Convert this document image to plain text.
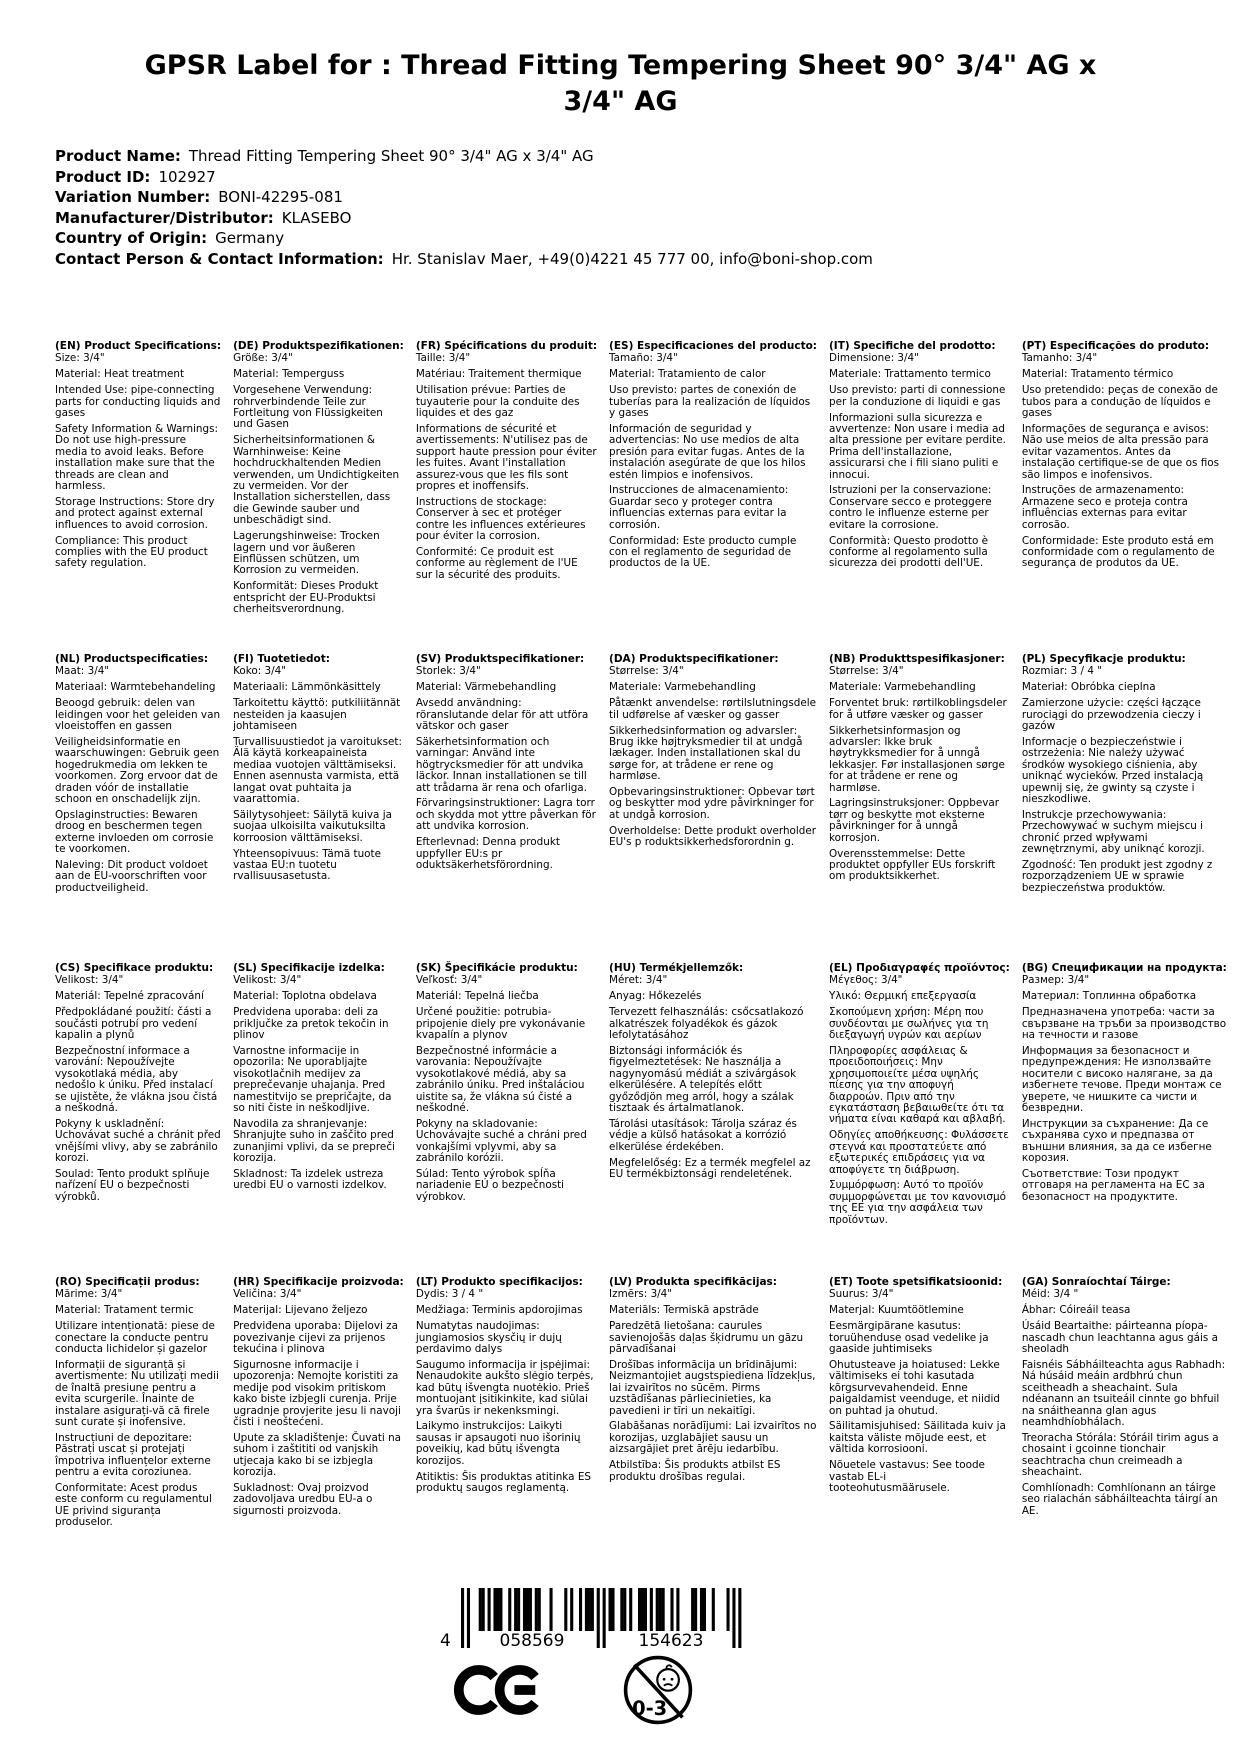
GPSR Label for : Thread Fitting Tempering Sheet 90° 3/4" AG x 3/4" AG
Product Name: Thread Fitting Tempering Sheet 90° 3/4" AG x 3/4" AG
Product ID: 102927
Variation Number: BONI-42295-081
Manufacturer/Distributor: KLASEBO
Country of Origin: Germany
Contact Person & Contact Information: Hr. Stanislav Maer, +49(0)4221 45 777 00, info@boni-shop.com
(EN) Product Specifications:

Size: 3/4"

Material: Heat treatment

Intended Use: pipe-connecting parts for conducting liquids and gases

Safety Information & Warnings: Do not use high-pressure media to avoid leaks. Before installation make sure that the threads are clean and harmless.

Storage Instructions: Store dry and protect against external influences to avoid corrosion.

Compliance: This product complies with the EU product safety regulation.

(DE) Produktspezifikationen:

Größe: 3/4"

Material: Temperguss

Vorgesehene Verwendung: rohrverbindende Teile zur Fortleitung von Flüssigkeiten und Gasen

Sicherheitsinformationen & Warnhinweise: Keine hochdruckhaltenden Medien verwenden, um Undichtigkeiten zu vermeiden. Vor der Installation sicherstellen, dass die Gewinde sauber und unbeschädigt sind.

Lagerungshinweise: Trocken lagern und vor äußeren Einflüssen schützen, um Korrosion zu vermeiden.

Konformität: Dieses Produkt entspricht der EU-Produktsi cherheitsverordnung.

(FR) Spécifications du produit:

Taille: 3/4"

Matériau: Traitement thermique

Utilisation prévue: Parties de tuyauterie pour la conduite des liquides et des gaz

Informations de sécurité et avertissements: N'utilisez pas de support haute pression pour éviter les fuites. Avant l'installation assurez-vous que les fils sont propres et inoffensifs.

Instructions de stockage: Conserver à sec et protéger contre les influences extérieures pour éviter la corrosion.

Conformité: Ce produit est conforme au règlement de l'UE sur la sécurité des produits.

(ES) Especificaciones del producto:

Tamaño: 3/4"

Material: Tratamiento de calor

Uso previsto: partes de conexión de tuberías para la realización de líquidos y gases

Información de seguridad y advertencias: No use medios de alta presión para evitar fugas. Antes de la instalación asegúrate de que los hilos estén limpios e inofensivos.

Instrucciones de almacenamiento: Guardar seco y proteger contra influencias externas para evitar la corrosión.

Conformidad: Este producto cumple con el reglamento de seguridad de productos de la UE.

(IT) Specifiche del prodotto:

Dimensione: 3/4"

Materiale: Trattamento termico

Uso previsto: parti di connessione per la conduzione di liquidi e gas

Informazioni sulla sicurezza e avvertenze: Non usare i media ad alta pressione per evitare perdite. Prima dell'installazione, assicurarsi che i fili siano puliti e innocui.

Istruzioni per la conservazione: Conservare secco e proteggere contro le influenze esterne per evitare la corrosione.

Conformità: Questo prodotto è conforme al regolamento sulla sicurezza dei prodotti dell'UE.

(PT) Especificações do produto:

Tamanho: 3/4"

Material: Tratamento térmico

Uso pretendido: peças de conexão de tubos para a condução de líquidos e gases

Informações de segurança e avisos: Não use meios de alta pressão para evitar vazamentos. Antes da instalação certifique-se de que os fios são limpos e inofensivos.

Instruções de armazenamento: Armazene seco e proteja contra influências externas para evitar corrosão.

Conformidade: Este produto está em conformidade com o regulamento de segurança de produtos da UE.

(NL) Productspecificaties:

Maat: 3/4"

Materiaal: Warmtebehandeling

Beoogd gebruik: delen van leidingen voor het geleiden van vloeistoffen en gassen

Veiligheidsinformatie en waarschuwingen: Gebruik geen hogedrukmedia om lekken te voorkomen. Zorg ervoor dat de draden vóór de installatie schoon en onschadelijk zijn.

Opslaginstructies: Bewaren droog en beschermen tegen externe invloeden om corrosie te voorkomen.

Naleving: Dit product voldoet aan de EU-voorschriften voor productveiligheid.

(FI) Tuotetiedot:

Koko: 3/4"

Materiaali: Lämmönkäsittely

Tarkoitettu käyttö: putkiliitännät nesteiden ja kaasujen johtamiseen

Turvallisuustiedot ja varoitukset: Älä käytä korkeapaineista mediaa vuotojen välttämiseksi. Ennen asennusta varmista, että langat ovat puhtaita ja vaarattomia.

Säilytysohjeet: Säilytä kuiva ja suojaa ulkoisilta vaikutuksilta korroosion välttämiseksi.

Yhteensopivuus: Tämä tuote vastaa EU:n tuotetu rvallisuusasetusta.

(SV) Produktspecifikationer:

Storlek: 3/4"

Material: Värmebehandling

Avsedd användning: röranslutande delar för att utföra vätskor och gaser

Säkerhetsinformation och varningar: Använd inte högtrycksmedier för att undvika läckor. Innan installationen se till att trådarna är rena och ofarliga.

Förvaringsinstruktioner: Lagra torr och skydda mot yttre påverkan för att undvika korrosion.

Efterlevnad: Denna produkt uppfyller EU:s pr oduktsäkerhetsförordning.

(DA) Produktspecifikationer:

Størrelse: 3/4"

Materiale: Varmebehandling

Påtænkt anvendelse: rørtilslutningsdele til udførelse af væsker og gasser

Sikkerhedsinformation og advarsler: Brug ikke højtryksmedier til at undgå lækager. Inden installationen skal du sørge for, at trådene er rene og harmløse.

Opbevaringsinstruktioner: Opbevar tørt og beskytter mod ydre påvirkninger for at undgå korrosion.

Overholdelse: Dette produkt overholder EU's p roduktsikkerhedsforordnin g.

(NB) Produkttspesifikasjoner:

Størrelse: 3/4"

Materiale: Varmebehandling

Forventet bruk: rørtilkoblingsdeler for å utføre væsker og gasser

Sikkerhetsinformasjon og advarsler: Ikke bruk høytrykksmedier for å unngå lekkasjer. Før installasjonen sørge for at trådene er rene og harmløse.

Lagringsinstruksjoner: Oppbevar tørr og beskytte mot eksterne påvirkninger for å unngå korrosjon.

Overensstemmelse: Dette produktet oppfyller EUs forskrift om produktsikkerhet.

(PL) Specyfikacje produktu:

Rozmiar: 3 / 4 "

Materiał: Obróbka cieplna

Zamierzone użycie: części łączące rurociągi do przewodzenia cieczy i gazów

Informacje o bezpieczeństwie i ostrzeżenia: Nie należy używać środków wysokiego ciśnienia, aby uniknąć wycieków. Przed instalacją upewnij się, że gwinty są czyste i nieszkodliwe.

Instrukcje przechowywania: Przechowywać w suchym miejscu i chronić przed wpływami zewnętrznymi, aby uniknąć korozji.

Zgodność: Ten produkt jest zgodny z rozporządzeniem UE w sprawie bezpieczeństwa produktów.

(CS) Specifikace produktu:

Velikost: 3/4"

Materiál: Tepelné zpracování

Předpokládané použití: části a součásti potrubí pro vedení kapalin a plynů

Bezpečnostní informace a varování: Nepoužívejte vysokotlaká média, aby nedošlo k úniku. Před instalací se ujistěte, že vlákna jsou čistá a neškodná.

Pokyny k uskladnění: Uchovávat suché a chránit před vnějšími vlivy, aby se zabránilo korozi.

Soulad: Tento produkt splňuje nařízení EU o bezpečnosti výrobků.

(SL) Specifikacije izdelka:

Velikost: 3/4"

Material: Toplotna obdelava

Predvidena uporaba: deli za priključke za pretok tekočin in plinov

Varnostne informacije in opozorila: Ne uporabljajte visokotlačnih medijev za preprečevanje uhajanja. Pred namestitvijo se prepričajte, da so niti čiste in neškodljive.

Navodila za shranjevanje: Shranjujte suho in zaščito pred zunanjimi vplivi, da se prepreči korozija.

Skladnost: Ta izdelek ustreza uredbi EU o varnosti izdelkov.

(SK) Špecifikácie produktu:

Veľkosť: 3/4"

Materiál: Tepelná liečba

Určené použitie: potrubia-pripojenie diely pre vykonávanie kvapalín a plynov

Bezpečnostné informácie a varovania: Nepoužívajte vysokotlakové médiá, aby sa zabránilo úniku. Pred inštaláciou uistite sa, že vlákna sú čisté a neškodné.

Pokyny na skladovanie: Uchovávajte suché a chráni pred vonkajšími vplyvmi, aby sa zabránilo korózii.

Súlad: Tento výrobok spĺňa nariadenie EÚ o bezpečnosti výrobkov.

(HU) Termékjellemzők:

Méret: 3/4"

Anyag: Hőkezelés

Tervezett felhasználás: csőcsatlakozó alkatrészek folyadékok és gázok lefolytatásához

Biztonsági információk és figyelmeztetések: Ne használja a nagynyomású médiát a szivárgások elkerülésére. A telepítés előtt győződjön meg arról, hogy a szálak tisztaak és ártalmatlanok.

Tárolási utasítások: Tárolja száraz és védje a külső hatásokat a korrózió elkerülése érdekében.

Megfelelőség: Ez a termék megfelel az EU termékbiztonsági rendeletének.

(EL) Προδιαγραφές προϊόντος:

Μέγεθος: 3/4"

Υλικό: Θερμική επεξεργασία

Σκοπούμενη χρήση: Μέρη που συνδέονται με σωλήνες για τη διεξαγωγή υγρών και αερίων

Πληροφορίες ασφάλειας & προειδοποιήσεις: Μην χρησιμοποιείτε μέσα υψηλής πίεσης για την αποφυγή διαρροών. Πριν από την εγκατάσταση βεβαιωθείτε ότι τα νήματα είναι καθαρά και αβλαβή.

Οδηγίες αποθήκευσης: Φυλάσσετε στεγνά και προστατεύετε από εξωτερικές επιδράσεις για να αποφύγετε τη διάβρωση.

Συμμόρφωση: Αυτό το προϊόν συμμορφώνεται με τον κανονισμό της ΕΕ για την ασφάλεια των προϊόντων.

(BG) Спецификации на продукта:

Размер: 3/4"

Материал: Топлинна обработка

Предназначена употреба: части за свързване на тръби за производство на течности и газове

Информация за безопасност и предупреждения: Не използвайте носители с високо налягане, за да избегнете течове. Преди монтаж се уверете, че нишките са чисти и безвредни.

Инструкции за съхранение: Да се съхранява сухо и предпазва от външни влияния, за да се избегне корозия.

Съответствие: Този продукт отговаря на регламента на ЕС за безопасност на продуктите.

(RO) Specificații produs:

Mărime: 3/4"

Material: Tratament termic

Utilizare intenționată: piese de conectare la conducte pentru conducta lichidelor și gazelor

Informații de siguranță și avertismente: Nu utilizați medii de înaltă presiune pentru a evita scurgerile. Înainte de instalare asigurați-vă că firele sunt curate și inofensive.

Instrucțiuni de depozitare: Păstrați uscat și protejați împotriva influențelor externe pentru a evita coroziunea.

Conformitate: Acest produs este conform cu regulamentul UE privind siguranța produselor.

(HR) Specifikacije proizvoda:

Veličina: 3/4"

Materijal: Lijevano željezo

Predviđena uporaba: Dijelovi za povezivanje cijevi za prijenos tekućina i plinova

Sigurnosne informacije i upozorenja: Nemojte koristiti za medije pod visokim pritiskom kako biste izbjegli curenja. Prije ugradnje provjerite jesu li navoji čisti i neoštećeni.

Upute za skladištenje: Čuvati na suhom i zaštititi od vanjskih utjecaja kako bi se izbjegla korozija.

Sukladnost: Ovaj proizvod zadovoljava uredbu EU-a o sigurnosti proizvoda.

(LT) Produkto specifikacijos:

Dydis: 3 / 4 "

Medžiaga: Terminis apdorojimas

Numatytas naudojimas: jungiamosios skysčių ir dujų perdavimo dalys

Saugumo informacija ir įspėjimai: Nenaudokite aukšto slėgio terpės, kad būtų išvengta nuotėkio. Prieš montuojant įsitikinkite, kad siūlai yra švarūs ir nekenksmingi.

Laikymo instrukcijos: Laikyti sausas ir apsaugoti nuo išorinių poveikių, kad būtų išvengta korozijos.

Atitiktis: Šis produktas atitinka ES produktų saugos reglamentą.

(LV) Produkta specifikācijas:

Izmērs: 3/4"

Materiāls: Termiskā apstrāde

Paredzētā lietošana: caurules savienojošās daļas šķidrumu un gāzu pārvadīšanai

Drošības informācija un brīdinājumi: Neizmantojiet augstspiediena līdzekļus, lai izvairītos no sūcēm. Pirms uzstādīšanas pārliecinieties, ka pavedieni ir tīri un nekaitīgi.

Glabāšanas norādījumi: Lai izvairītos no korozijas, uzglabājiet sausu un aizsargājiet pret ārēju iedarbību.

Atbilstība: Šis produkts atbilst ES produktu drošības regulai.

(ET) Toote spetsifikatsioonid:

Suurus: 3/4"

Materjal: Kuumtöötlemine

Eesmärgipärane kasutus: toruühenduse osad vedelike ja gaaside juhtimiseks

Ohutusteave ja hoiatused: Lekke vältimiseks ei tohi kasutada kõrgsurvevahendeid. Enne paigaldamist veenduge, et niidid on puhtad ja ohutud.

Säilitamisjuhised: Säilitada kuiv ja kaitsta väliste mõjude eest, et vältida korrosiooni.

Nõuetele vastavus: See toode vastab EL-i tooteohutusmäärusele.

(GA) Sonraíochtaí Táirge:

Méid: 3/4 "

Ábhar: Cóireáil teasa

Úsáid Beartaithe: páirteanna píopa-nascadh chun leachtanna agus gáis a sheoladh

Faisnéis Sábháilteachta agus Rabhadh: Ná húsáid meáin ardbhrú chun sceitheadh a sheachaint. Sula ndéanann an tsuiteáil cinnte go bhfuil na snáitheanna glan agus neamhdhíobhálach.

Treoracha Stórála: Stóráil tirim agus a chosaint i gcoinne tionchair seachtracha chun creimeadh a sheachaint.

Comhlíonadh: Comhlíonann an táirge seo rialachán sábháilteachta táirgí an AE.

4	058569	154623
0-3
